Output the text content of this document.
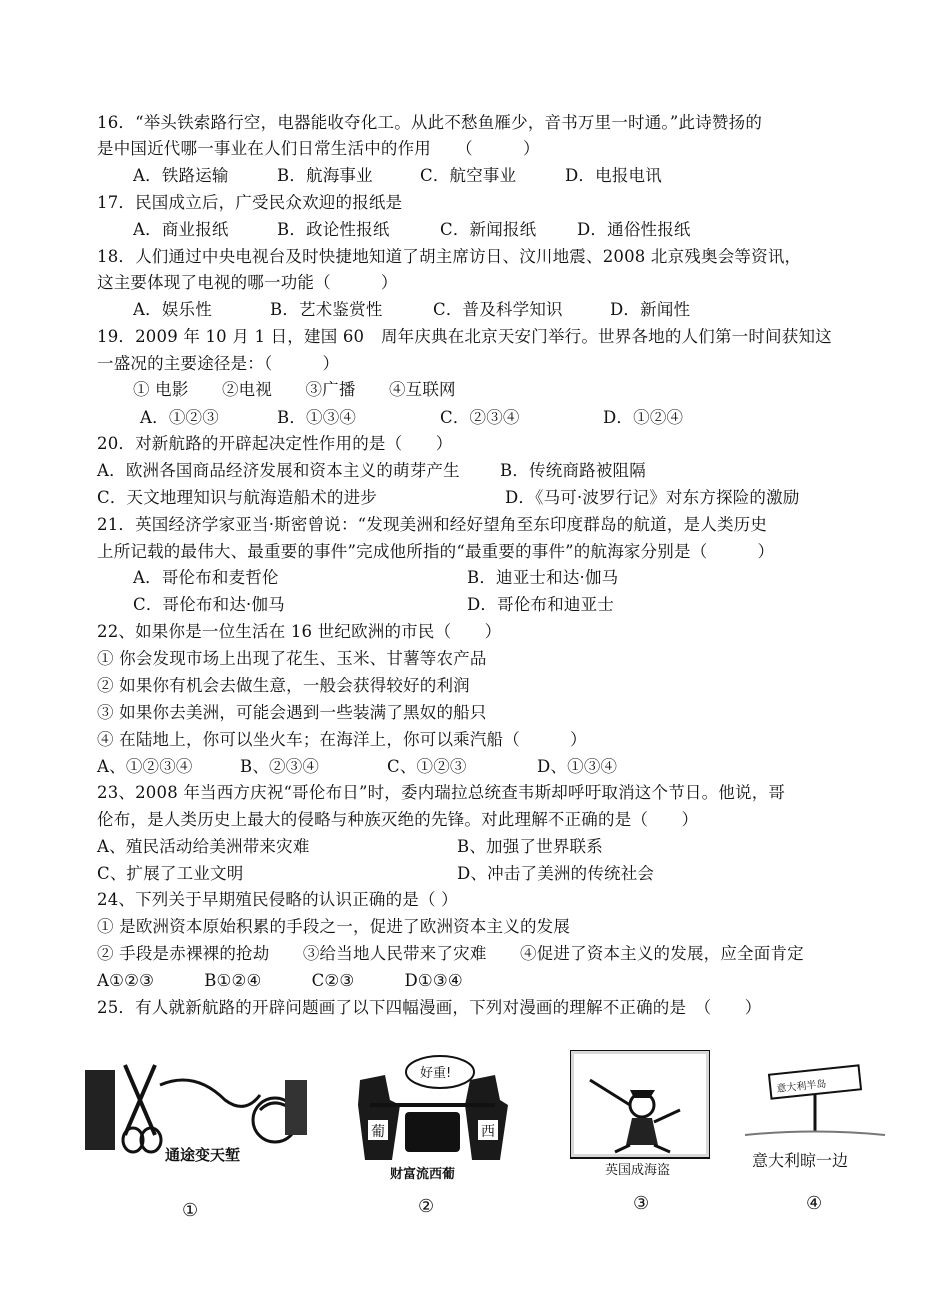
16．“举头铁索路行空，电器能收夺化工。从此不愁鱼雁少，音书万里一时通。”此诗赞扬的
是中国近代哪一事业在人们日常生活中的作用　　（　　　）
A．铁路运输	B．航海事业	C．航空事业	D．电报电讯
17．民国成立后，广受民众欢迎的报纸是
A．商业报纸	B．政论性报纸	C．新闻报纸 D．通俗性报纸
18．人们通过中央电视台及时快捷地知道了胡主席访日、汶川地震、2008 北京残奥会等资讯，
这主要体现了电视的哪一功能（　　　）
A．娱乐性	B．艺术鉴赏性	C．普及科学知识	D．新闻性
19．2009 年 10 月 1 日，建国 60　周年庆典在北京天安门举行。世界各地的人们第一时间获知这
一盛况的主要途径是：（　　　）
① 电影　　②电视　　③广播　　④互联网
A．①②③	B．①③④	C．②③④	D．①②④
20．对新航路的开辟起决定性作用的是（　　）
A．欧洲各国商品经济发展和资本主义的萌芽产生 B．传统商路被阻隔
C．天文地理知识与航海造船术的进步	D．《马可·波罗行记》对东方探险的激励
21．英国经济学家亚当·斯密曾说：“发现美洲和经好望角至东印度群岛的航道，是人类历史
上所记载的最伟大、最重要的事件”完成他所指的“最重要的事件”的航海家分别是（　　　）
A．哥伦布和麦哲伦	B．迪亚士和达·伽马
C．哥伦布和达·伽马	D．哥伦布和迪亚士
22、如果你是一位生活在 16 世纪欧洲的市民（　　）
① 你会发现市场上出现了花生、玉米、甘薯等农产品
② 如果你有机会去做生意，一般会获得较好的利润
③ 如果你去美洲，可能会遇到一些装满了黑奴的船只
④ 在陆地上，你可以坐火车；在海洋上，你可以乘汽船（　　　）
A、①②③④	B、②③④	C、①②③	D、①③④
23、2008 年当西方庆祝“哥伦布日”时，委内瑞拉总统查韦斯却呼吁取消这个节日。他说，哥
伦布，是人类历史上最大的侵略与种族灭绝的先锋。对此理解不正确的是（　　）
A、殖民活动给美洲带来灾难	B、加强了世界联系
C、扩展了工业文明	D、冲击了美洲的传统社会
24、下列关于早期殖民侵略的认识正确的是（ ）
① 是欧洲资本原始积累的手段之一，促进了欧洲资本主义的发展
② 手段是赤裸裸的抢劫　　③给当地人民带来了灾难　　④促进了资本主义的发展，应全面肯定
A①②③　　　B①②④　　　C②③　　　D①③④
25．有人就新航路的开辟问题画了以下四幅漫画，下列对漫画的理解不正确的是　（　　）
通途变天堑
①
好重!
葡	西
财富流西葡
②
英国成海盗
③
意大利半岛
意大利晾一边
④
